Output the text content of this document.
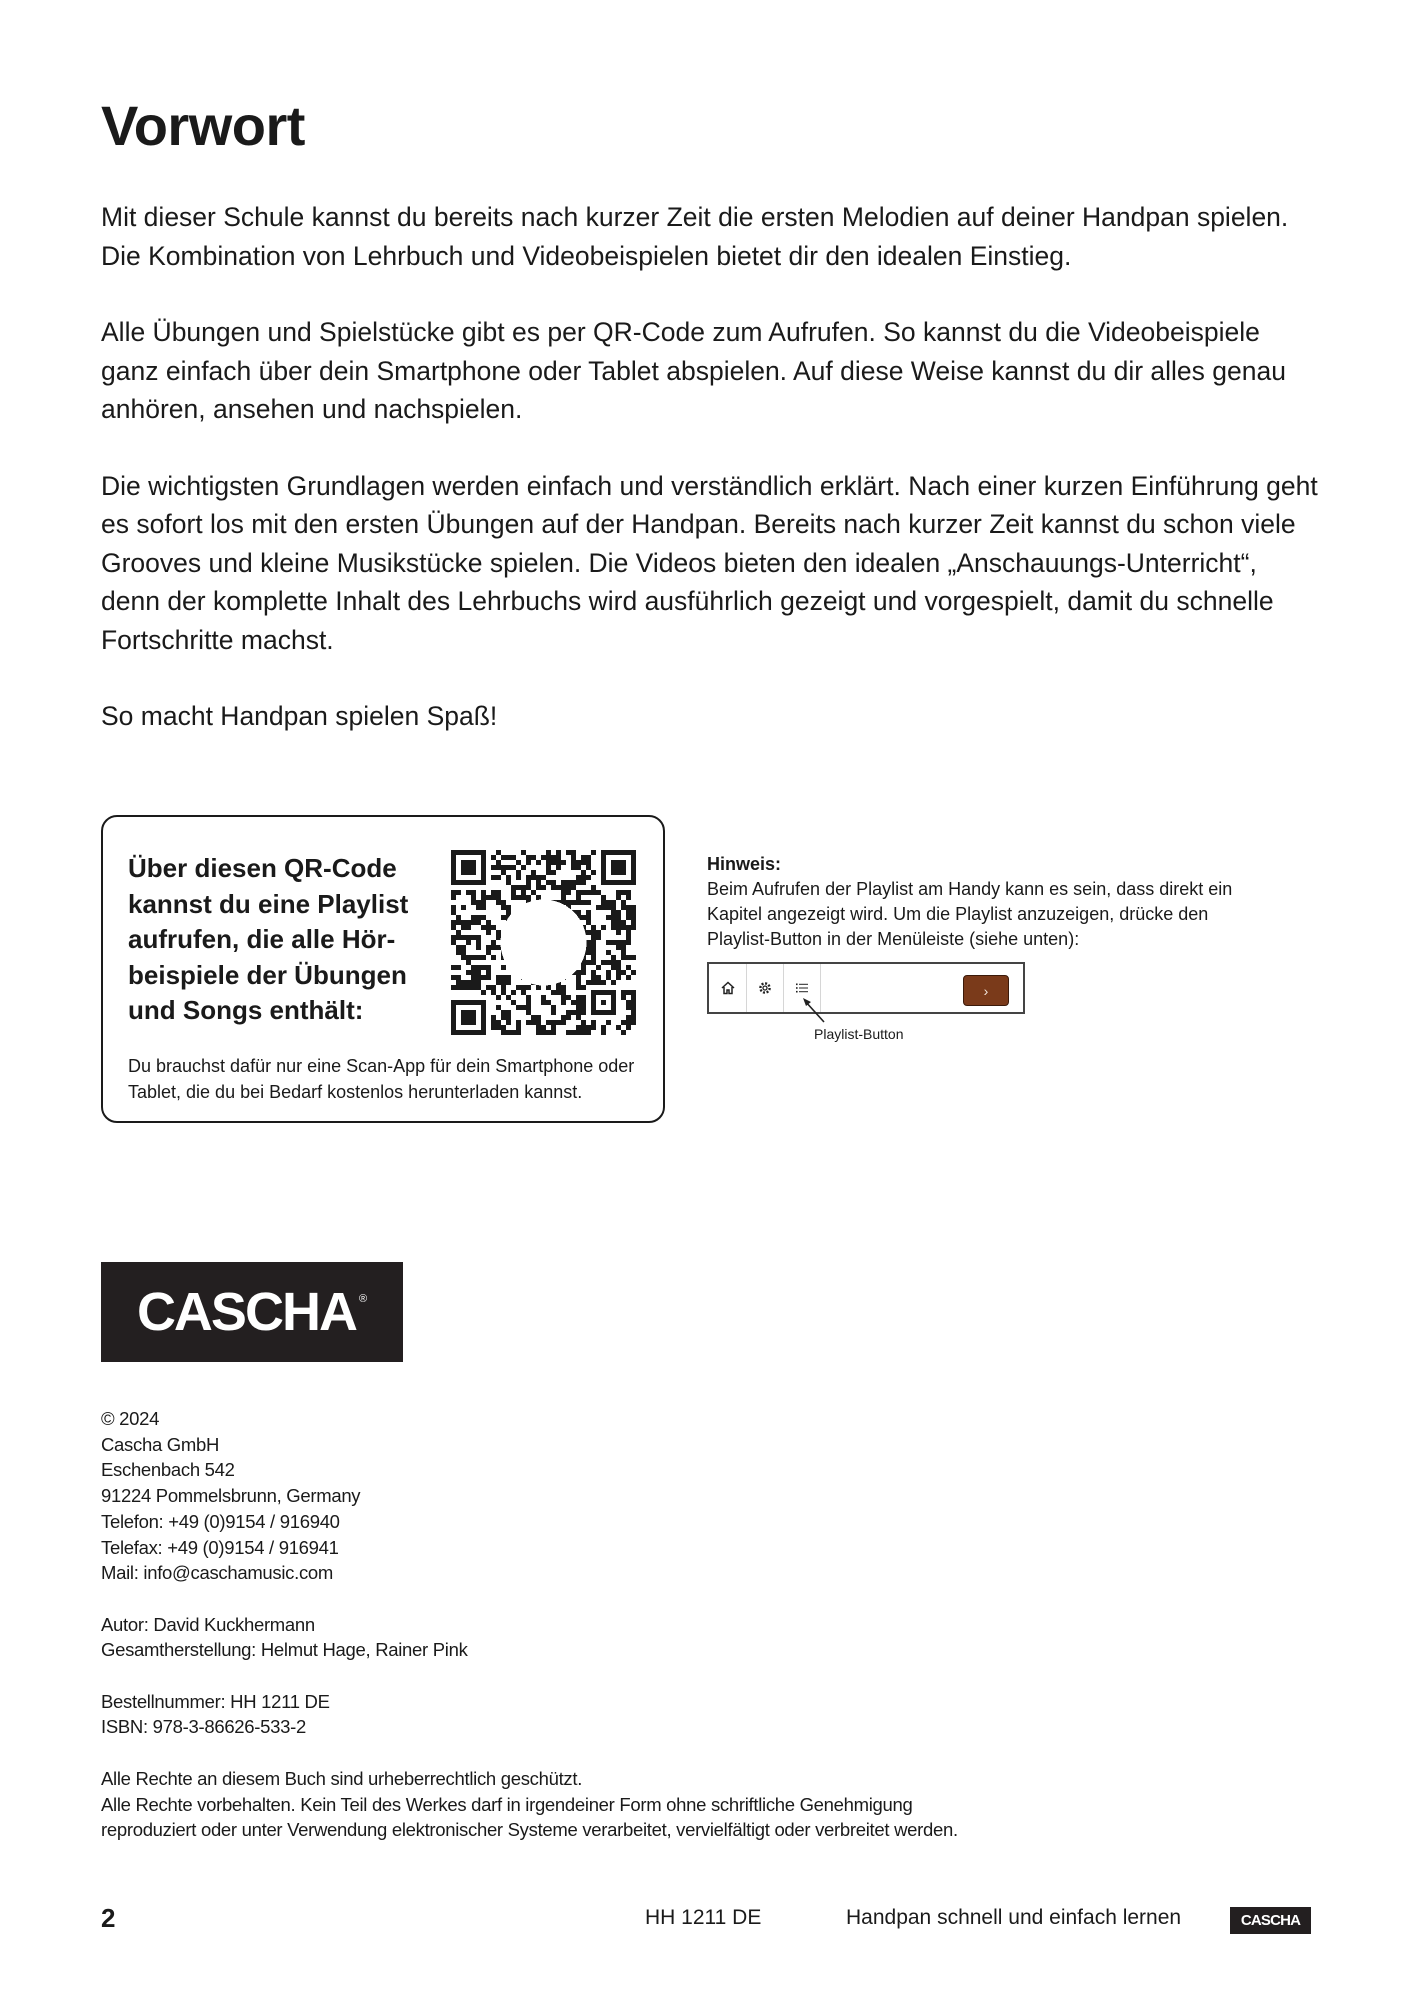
Vorwort

Mit dieser Schule kannst du bereits nach kurzer Zeit die ersten Melodien auf deiner Handpan spielen. Die Kombination von Lehrbuch und Videobeispielen bietet dir den idealen Einstieg.

Alle Übungen und Spielstücke gibt es per QR-Code zum Aufrufen. So kannst du die Videobeispiele ganz einfach über dein Smartphone oder Tablet abspielen. Auf diese Weise kannst du dir alles genau anhören, ansehen und nachspielen.

Die wichtigsten Grundlagen werden einfach und verständlich erklärt. Nach einer kurzen Einführung geht es sofort los mit den ersten Übungen auf der Handpan. Bereits nach kurzer Zeit kannst du schon viele Grooves und kleine Musikstücke spielen. Die Videos bieten den idealen „Anschauungs-Unterricht“, denn der komplette Inhalt des Lehrbuchs wird ausführlich gezeigt und vorgespielt, damit du schnelle Fortschritte machst.

So macht Handpan spielen Spaß!

Über diesen QR-Code kannst du eine Playlist aufrufen, die alle Hör-beispiele der Übungen und Songs enthält:
Du brauchst dafür nur eine Scan-App für dein Smartphone oder Tablet, die du bei Bedarf kostenlos herunterladen kannst.
Hinweis:
Beim Aufrufen der Playlist am Handy kann es sein, dass direkt ein Kapitel angezeigt wird. Um die Playlist anzuzeigen, drücke den Playlist-Button in der Menüleiste (siehe unten):
›
Playlist-Button
CASCHA ®
© 2024
Cascha GmbH
Eschenbach 542
91224 Pommelsbrunn, Germany
Telefon: +49 (0)9154 / 916940
Telefax: +49 (0)9154 / 916941
Mail: info@caschamusic.com
Autor: David Kuckhermann
Gesamtherstellung: Helmut Hage, Rainer Pink
Bestellnummer: HH 1211 DE
ISBN: 978-3-86626-533-2
Alle Rechte an diesem Buch sind urheberrechtlich geschützt.
Alle Rechte vorbehalten. Kein Teil des Werkes darf in irgendeiner Form ohne schriftliche Genehmigung
reproduziert oder unter Verwendung elektronischer Systeme verarbeitet, vervielfältigt oder verbreitet werden.
2	HH 1211 DE	Handpan schnell und einfach lernen	CASCHA
